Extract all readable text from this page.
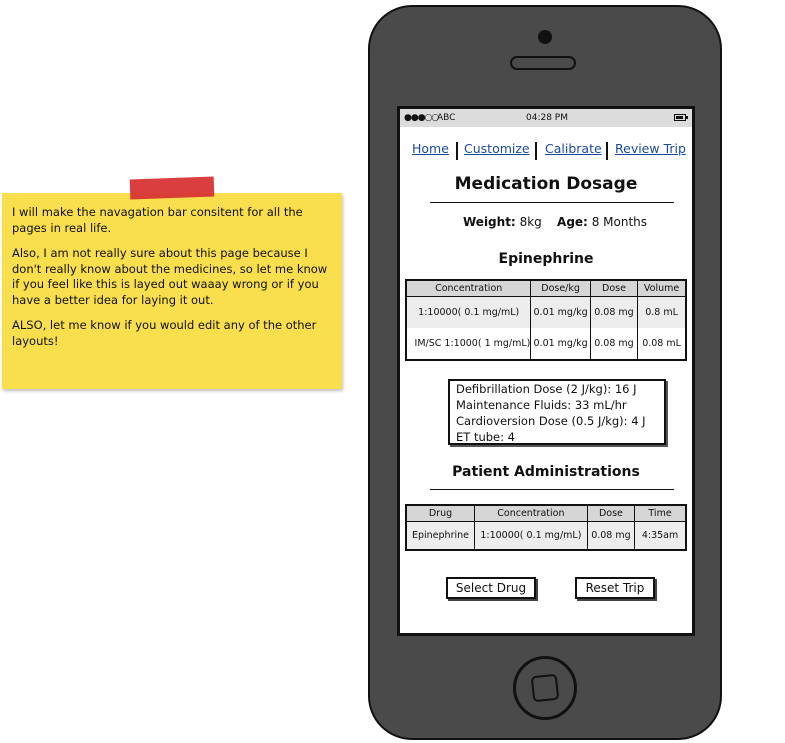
I will make the navagation bar consitent for all the pages in real life.

Also, I am not really sure about this page because I don't really know about the medicines, so let me know if you feel like this is layed out waaay wrong or if you have a better idea for laying it out.

ALSO, let me know if you would edit any of the other layouts!

●●●○○
ABC	04:28 PM
Home Customize Calibrate Review Trip
Medication Dosage
Weight: 8kg Age: 8 Months
Epinephrine
Concentration	Dose/kg	Dose	Volume
1:10000( 0.1 mg/mL)	0.01 mg/kg	0.08 mg	0.8 mL
IM/SC 1:1000( 1 mg/mL)	0.01 mg/kg	0.08 mg	0.08 mL
Defibrillation Dose (2 J/kg): 16 J
Maintenance Fluids: 33 mL/hr
Cardioversion Dose (0.5 J/kg): 4 J
ET tube: 4
Patient Administrations
Drug	Concentration	Dose	Time
Epinephrine	1:10000( 0.1 mg/mL)	0.08 mg	4:35am
Select Drug	Reset Trip
